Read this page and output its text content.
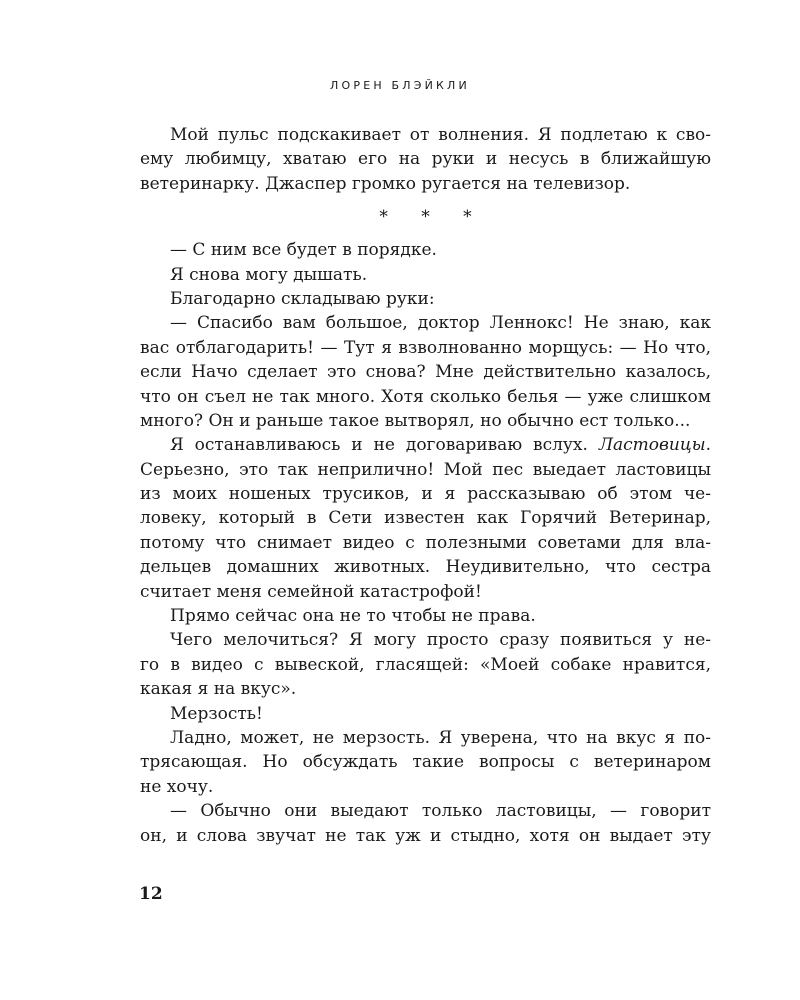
ЛОРЕН БЛЭЙКЛИ
Мой пульс подскакивает от волнения. Я подлетаю к сво-
ему любимцу, хватаю его на руки и несусь в ближайшую
ветеринарку. Джаспер громко ругается на телевизор.
* * *
— С ним все будет в порядке.
Я снова могу дышать.
Благодарно складываю руки:
— Спасибо вам большое, доктор Леннокс! Не знаю, как
вас отблагодарить! — Тут я взволнованно морщусь: — Но что,
если Начо сделает это снова? Мне действительно казалось,
что он съел не так много. Хотя сколько белья — уже слишком
много? Он и раньше такое вытворял, но обычно ест только...
Я останавливаюсь и не договариваю вслух. Ластовицы.
Серьезно, это так неприлично! Мой пес выедает ластовицы
из моих ношеных трусиков, и я рассказываю об этом че-
ловеку, который в Сети известен как Горячий Ветеринар,
потому что снимает видео с полезными советами для вла-
дельцев домашних животных. Неудивительно, что сестра
считает меня семейной катастрофой!
Прямо сейчас она не то чтобы не права.
Чего мелочиться? Я могу просто сразу появиться у не-
го в видео с вывеской, гласящей: «Моей собаке нравится,
какая я на вкус».
Мерзость!
Ладно, может, не мерзость. Я уверена, что на вкус я по-
трясающая. Но обсуждать такие вопросы с ветеринаром
не хочу.
— Обычно они выедают только ластовицы, — говорит
он, и слова звучат не так уж и стыдно, хотя он выдает эту
12
